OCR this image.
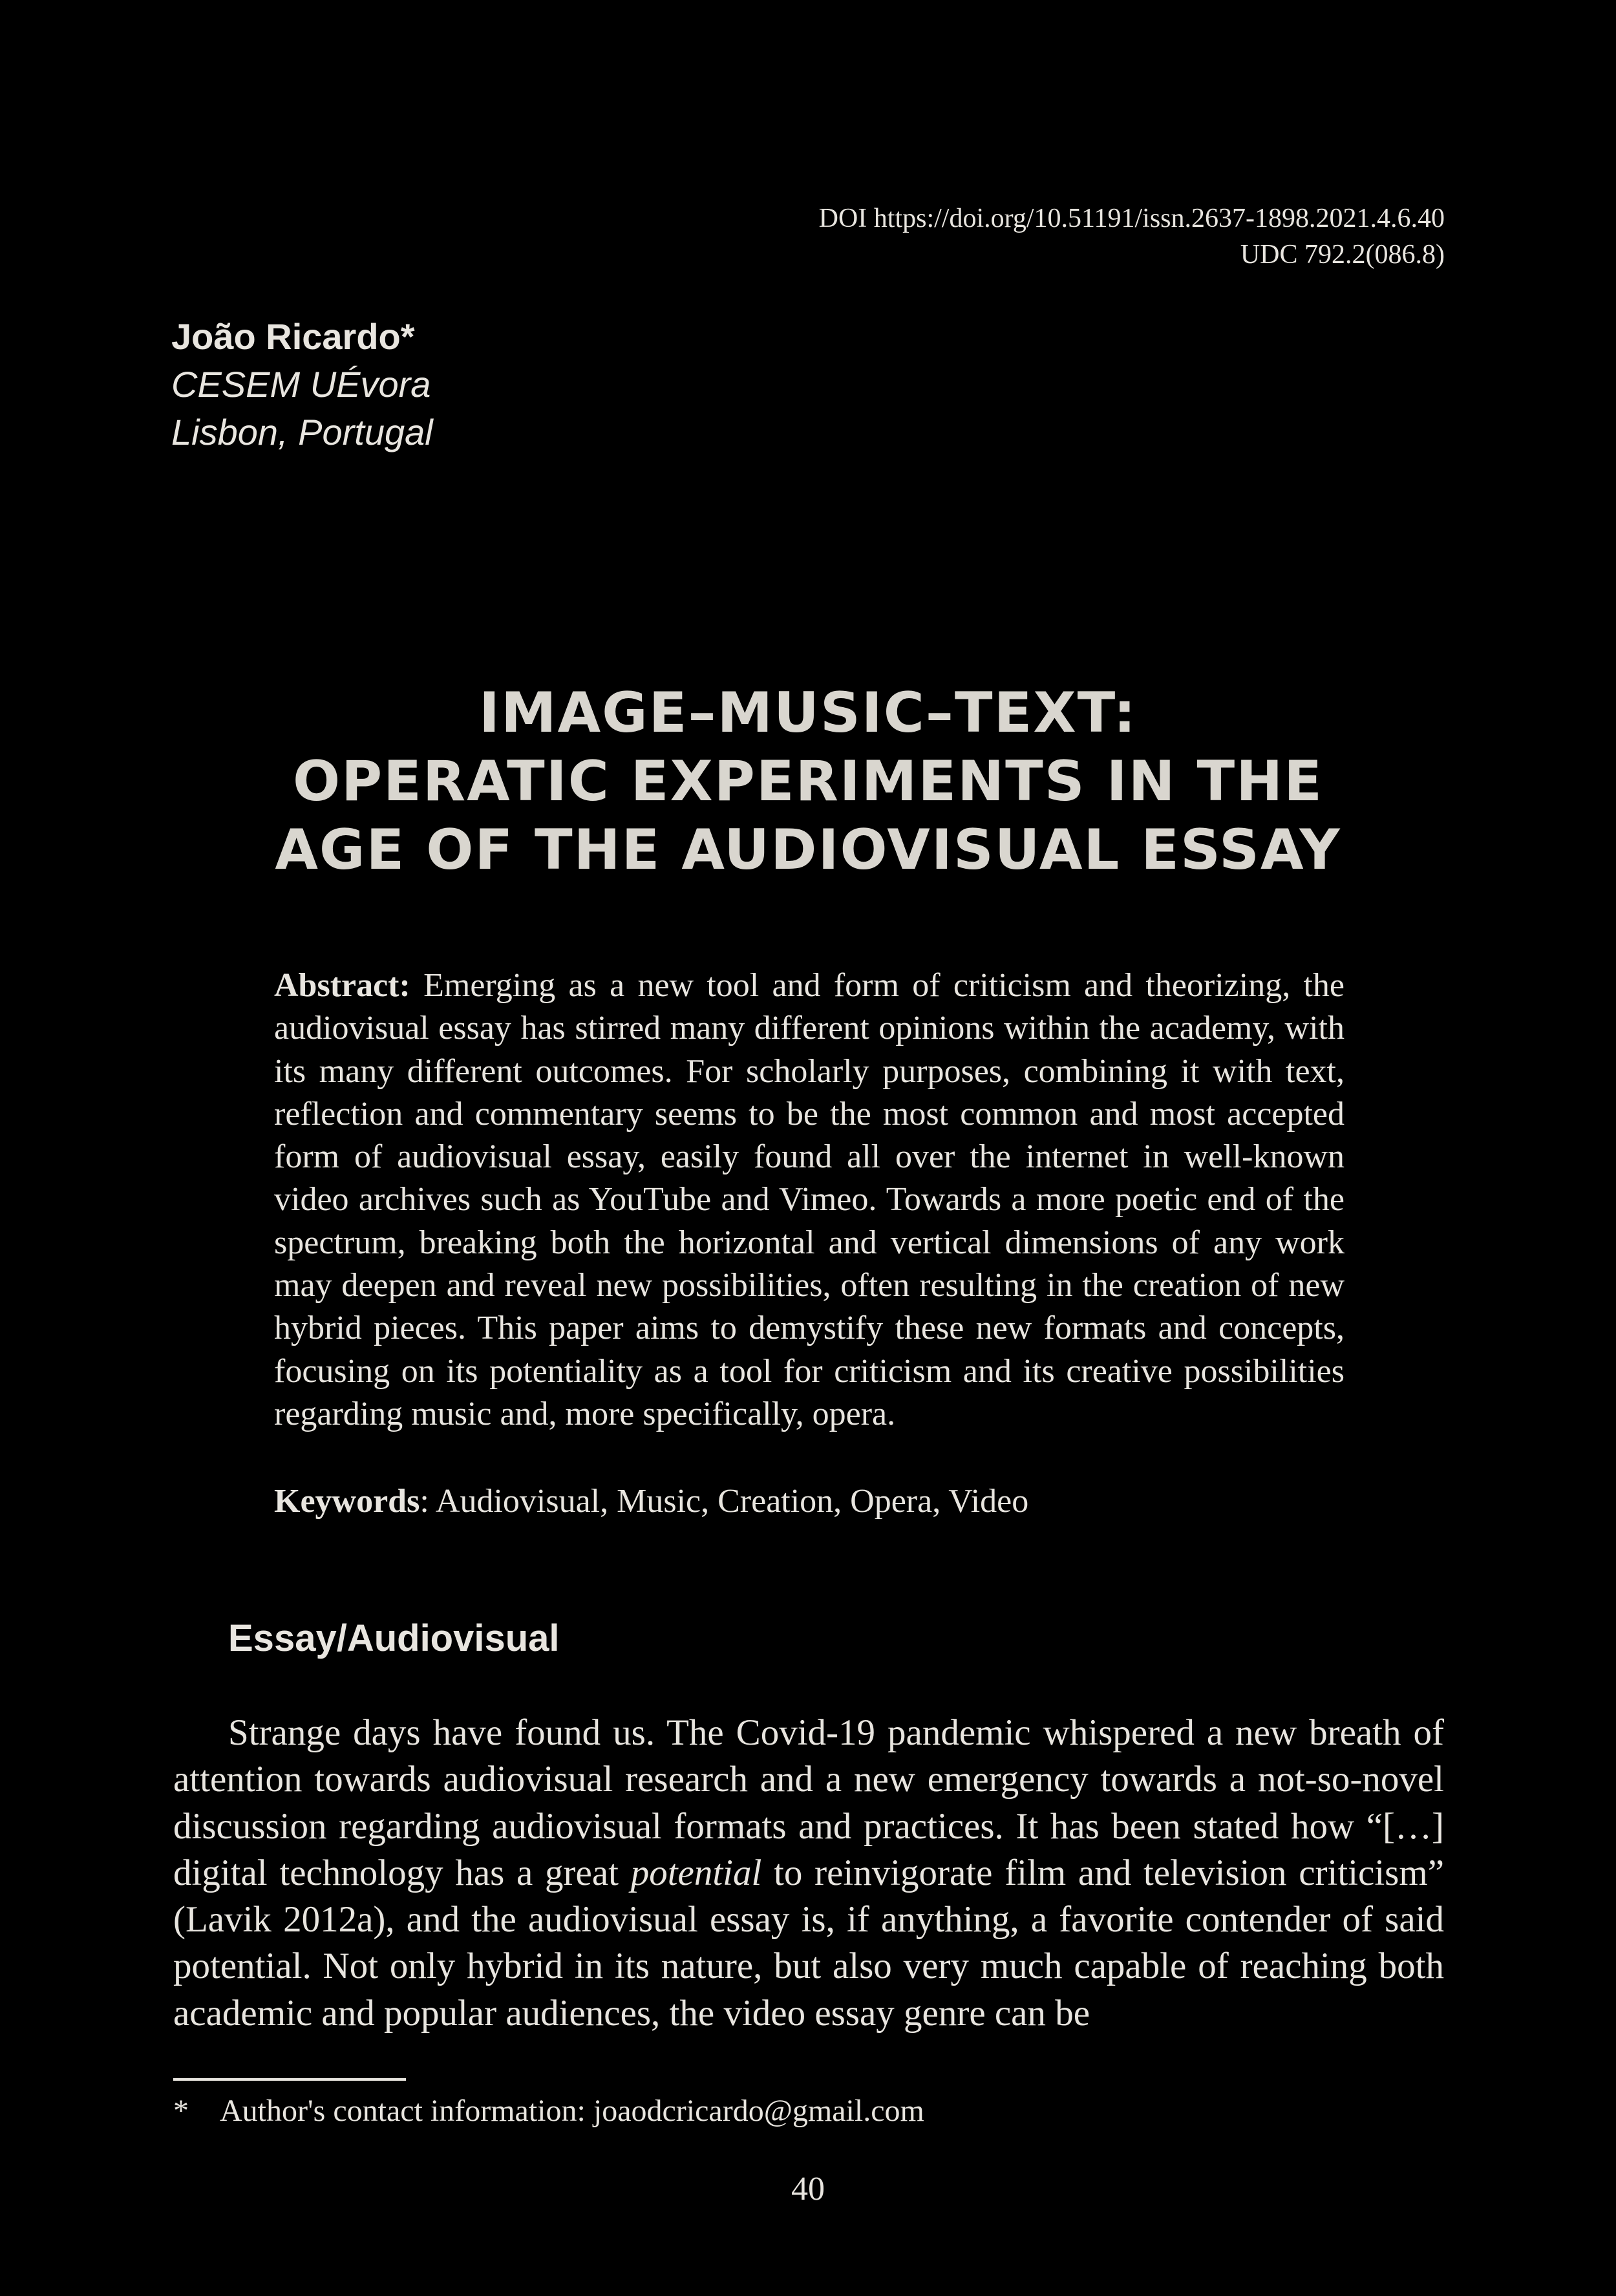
DOI https://doi.org/10.51191/issn.2637-1898.2021.4.6.40
UDC 792.2(086.8)
João Ricardo*
CESEM UÉvora
Lisbon, Portugal
IMAGE–MUSIC–TEXT:
OPERATIC EXPERIMENTS IN THE
AGE OF THE AUDIOVISUAL ESSAY
Abstract: Emerging as a new tool and form of criticism and theorizing, the audiovisual essay has stirred many different opinions within the academy, with its many different outcomes. For scholarly purposes, combining it with text, reflection and commentary seems to be the most common and most accepted form of audiovisual essay, easily found all over the internet in well-known video archives such as YouTube and Vimeo. Towards a more poetic end of the spectrum, breaking both the horizontal and vertical dimensions of any work may deepen and reveal new possibilities, often resulting in the creation of new hybrid pieces. This paper aims to demystify these new formats and concepts, focusing on its potentiality as a tool for criticism and its creative possibilities regarding music and, more specifically, opera.
Keywords: Audiovisual, Music, Creation, Opera, Video
Essay/Audiovisual
Strange days have found us. The Covid-19 pandemic whispered a new breath of attention towards audiovisual research and a new emergency towards a not-so-novel discussion regarding audiovisual formats and practices. It has been stated how “[…] digital technology has a great potential to reinvigorate film and television criticism” (Lavik 2012a), and the audiovisual essay is, if anything, a favorite contender of said potential. Not only hybrid in its nature, but also very much capable of reaching both academic and popular audiences, the video essay genre can be
* Author's contact information: joaodcricardo@gmail.com
40
